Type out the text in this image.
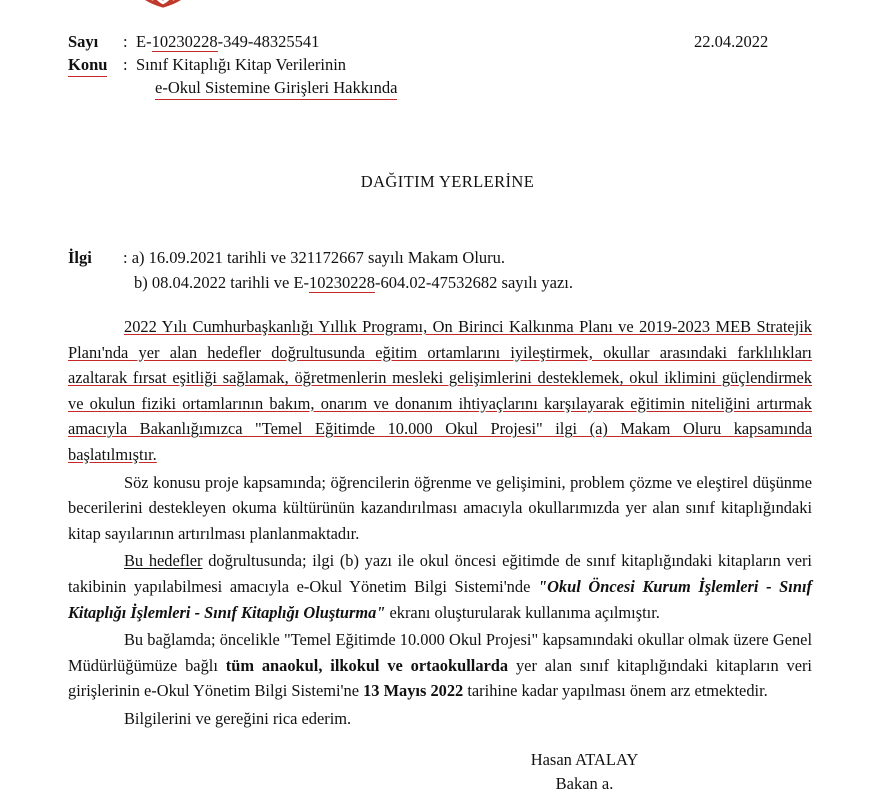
Sayı : E-10230228-349-48325541	22.04.2022
Konu : Sınıf Kitaplığı Kitap Verilerinin
e-Okul Sistemine Girişleri Hakkında
DAĞITIM YERLERİNE
İlgi : a) 16.09.2021 tarihli ve 321172667 sayılı Makam Oluru.
b) 08.04.2022 tarihli ve E-10230228-604.02-47532682 sayılı yazı.

2022 Yılı Cumhurbaşkanlığı Yıllık Programı, On Birinci Kalkınma Planı ve 2019-2023 MEB Stratejik Planı'nda yer alan hedefler doğrultusunda eğitim ortamlarını iyileştirmek, okullar arasındaki farklılıkları azaltarak fırsat eşitliği sağlamak, öğretmenlerin mesleki gelişimlerini desteklemek, okul iklimini güçlendirmek ve okulun fiziki ortamlarının bakım, onarım ve donanım ihtiyaçlarını karşılayarak eğitimin niteliğini artırmak amacıyla Bakanlığımızca "Temel Eğitimde 10.000 Okul Projesi" ilgi (a) Makam Oluru kapsamında başlatılmıştır.

Söz konusu proje kapsamında; öğrencilerin öğrenme ve gelişimini, problem çözme ve eleştirel düşünme becerilerini destekleyen okuma kültürünün kazandırılması amacıyla okullarımızda yer alan sınıf kitaplığındaki kitap sayılarının artırılması planlanmaktadır.

Bu hedefler doğrultusunda; ilgi (b) yazı ile okul öncesi eğitimde de sınıf kitaplığındaki kitapların veri takibinin yapılabilmesi amacıyla e-Okul Yönetim Bilgi Sistemi'nde "Okul Öncesi Kurum İşlemleri - Sınıf Kitaplığı İşlemleri - Sınıf Kitaplığı Oluşturma" ekranı oluşturularak kullanıma açılmıştır.

Bu bağlamda; öncelikle "Temel Eğitimde 10.000 Okul Projesi" kapsamındaki okullar olmak üzere Genel Müdürlüğümüze bağlı tüm anaokul, ilkokul ve ortaokullarda yer alan sınıf kitaplığındaki kitapların veri girişlerinin e-Okul Yönetim Bilgi Sistemi'ne 13 Mayıs 2022 tarihine kadar yapılması önem arz etmektedir.

Bilgilerini ve gereğini rica ederim.

Hasan ATALAY
Bakan a.
